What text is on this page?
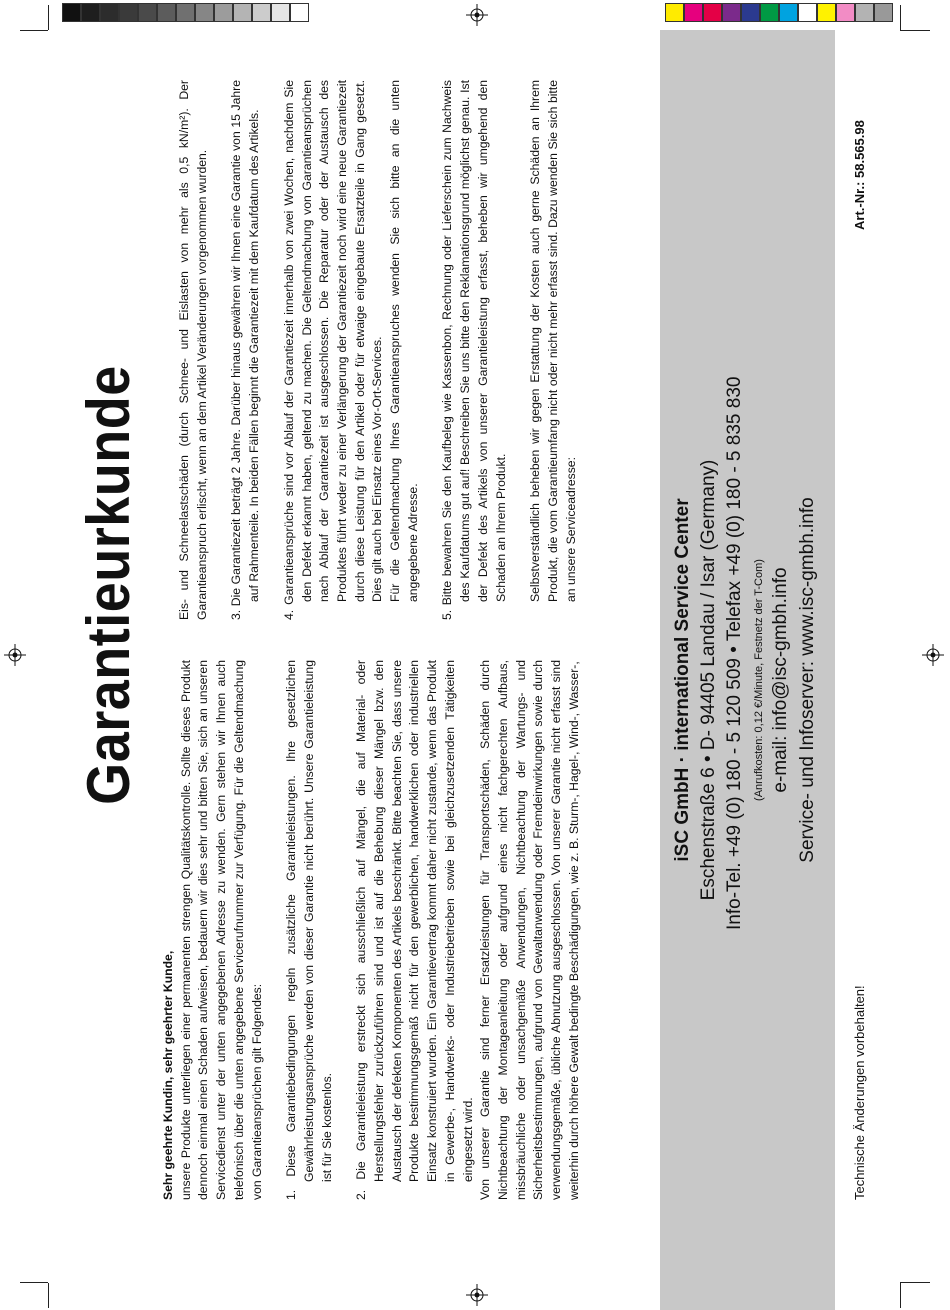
Garantieurkunde

Sehr geehrte Kundin, sehr geehrter Kunde, unsere Produkte unterliegen einer permanenten strengen Qualitätskontrolle. Sollte dieses Produkt dennoch einmal einen Schaden aufweisen, bedauern wir dies sehr und bitten Sie, sich an unseren Servicedienst unter der unten angegebenen Adresse zu wenden. Gern stehen wir Ihnen auch telefonisch über die unten angegebene Servicerufnummer zur Verfügung. Für die Geltendmachung von Garantieansprüchen gilt Folgendes: 1. Diese Garantiebedingungen regeln zusätzliche Garantieleistungen. Ihre gesetzlichen Gewährleistungsansprüche werden von dieser Garantie nicht berührt. Unsere Garantieleistung ist für Sie kostenlos. 2. Die Garantieleistung erstreckt sich ausschließlich auf Mängel, die auf Material- oder Herstellungsfehler zurückzuführen sind und ist auf die Behebung dieser Mängel bzw. den Austausch der defekten Komponenten des Artikels beschränkt. Bitte beachten Sie, dass unsere Produkte bestimmungsgemäß nicht für den gewerblichen, handwerklichen oder industriellen Einsatz konstruiert wurden. Ein Garantievertrag kommt daher nicht zustande, wenn das Produkt in Gewerbe-, Handwerks- oder Industriebetrieben sowie bei gleichzusetzenden Tätigkeiten eingesetzt wird. Von unserer Garantie sind ferner Ersatzleistungen für Transportschäden, Schäden durch Nichtbeachtung der Montageanleitung oder aufgrund eines nicht fachgerechten Aufbaus, missbräuchliche oder unsachgemäße Anwendungen, Nichtbeachtung der Wartungs- und Sicherheitsbestimmungen, aufgrund von Gewaltanwendung oder Fremdeinwirkungen sowie durch verwendungsgemäße, übliche Abnutzung ausgeschlossen. Von unserer Garantie nicht erfasst sind weiterhin durch höhere Gewalt bedingte Beschädigungen, wie z. B. Sturm-, Hagel-, Wind-, Wasser-,

Eis- und Schneelastschäden (durch Schnee- und Eislasten von mehr als 0,5 kN/m²). Der Garantieanspruch erlischt, wenn an dem Artikel Veränderungen vorgenommen wurden. 3. Die Garantiezeit beträgt 2 Jahre. Darüber hinaus gewähren wir Ihnen eine Garantie von 15 Jahre auf Rahmenteile. In beiden Fällen beginnt die Garantiezeit mit dem Kaufdatum des Artikels. 4. Garantieansprüche sind vor Ablauf der Garantiezeit innerhalb von zwei Wochen, nachdem Sie den Defekt erkannt haben, geltend zu machen. Die Geltendmachung von Garantieansprüchen nach Ablauf der Garantiezeit ist ausgeschlossen. Die Reparatur oder der Austausch des Produktes führt weder zu einer Verlängerung der Garantiezeit noch wird eine neue Garantiezeit durch diese Leistung für den Artikel oder für etwaige eingebaute Ersatzteile in Gang gesetzt. Dies gilt auch bei Einsatz eines Vor-Ort-Services. Für die Geltendmachung Ihres Garantieanspruches wenden Sie sich bitte an die unten angegebene Adresse. 5. Bitte bewahren Sie den Kaufbeleg wie Kassenbon, Rechnung oder Lieferschein zum Nachweis des Kaufdatums gut auf! Beschreiben Sie uns bitte den Reklamationsgrund möglichst genau. Ist der Defekt des Artikels von unserer Garantieleistung erfasst, beheben wir umgehend den Schaden an Ihrem Produkt. Selbstverständlich beheben wir gegen Erstattung der Kosten auch gerne Schäden an Ihrem Produkt, die vom Garantieumfang nicht oder nicht mehr erfasst sind. Dazu wenden Sie sich bitte an unsere Serviceadresse:	iSC GmbH · international Service Center Eschenstraße 6 • D- 94405 Landau / Isar (Germany) Info-Tel. +49 (0) 180 - 5 120 509 • Telefax +49 (0) 180 - 5 835 830 (Anrufkosten: 0,12 €/Minute, Festnetz der T-Com) e-mail: info@isc-gmbh.info Service- und Infoserver: www.isc-gmbh.info
Technische Änderungen vorbehalten!
Art.-Nr.: 58.565.98
